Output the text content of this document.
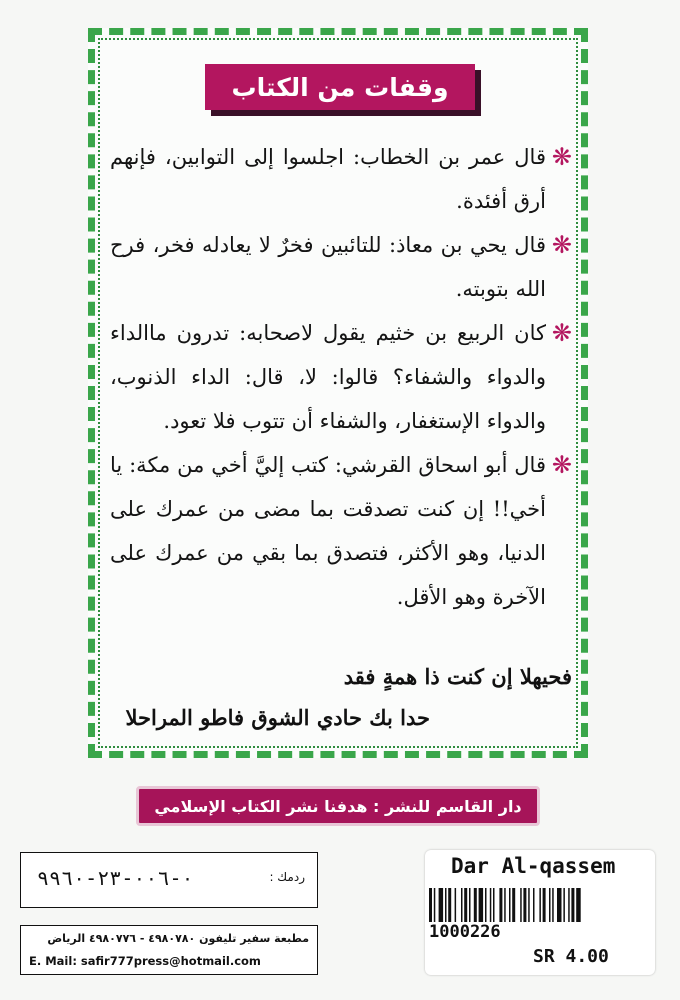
وقفات من الكتاب

❋
قال عمر بن الخطاب: اجلسوا إلى التوابين، فإنهم أرق أفئدة.

❋
قال يحي بن معاذ: للتائبين فخرٌ لا يعادله فخر، فرح الله بتوبته.

❋
كان الربيع بن خثيم يقول لاصحابه: تدرون ماالداء والدواء والشفاء؟ قالوا: لا، قال: الداء الذنوب، والدواء الإستغفار، والشفاء أن تتوب فلا تعود.

❋
قال أبو اسحاق القرشي: كتب إليَّ أخي من مكة: يا أخي!! إن كنت تصدقت بما مضى من عمرك على الدنيا، وهو الأكثر، فتصدق بما بقي من عمرك على الآخرة وهو الأقل.

فحيهلا إن كنت ذا همةٍ فقد
حدا بك حادي الشوق فاطو المراحلا
دار القاسم للنشر : هدفنا نشر الكتاب الإسلامي
ردمك :
٠-٠٠٦-٢٣-٩٩٦٠
مطبعة سفير تليفون ٤٩٨٠٧٨٠ - ٤٩٨٠٧٧٦ الرياض
E. Mail: safir777press@hotmail.com
Dar Al-qassem
1000226
SR 4.00
